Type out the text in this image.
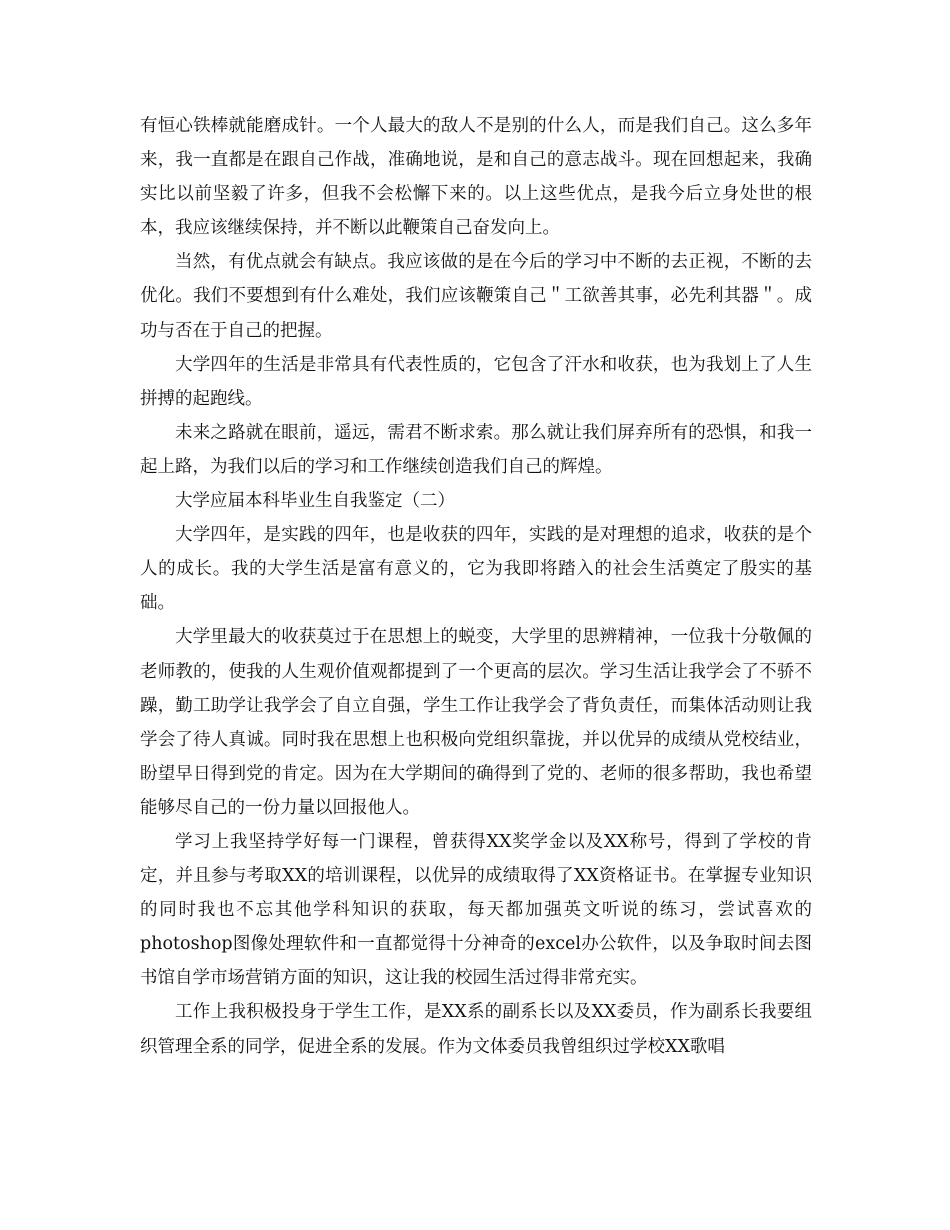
有恒心铁棒就能磨成针。一个人最大的敌人不是别的什么人，而是我们自己。这么多年来，我一直都是在跟自己作战，准确地说，是和自己的意志战斗。现在回想起来，我确实比以前坚毅了许多，但我不会松懈下来的。以上这些优点，是我今后立身处世的根本，我应该继续保持，并不断以此鞭策自己奋发向上。

当然，有优点就会有缺点。我应该做的是在今后的学习中不断的去正视，不断的去优化。我们不要想到有什么难处，我们应该鞭策自己＂工欲善其事，必先利其器＂。成功与否在于自己的把握。

大学四年的生活是非常具有代表性质的，它包含了汗水和收获，也为我划上了人生拼搏的起跑线。

未来之路就在眼前，遥远，需君不断求索。那么就让我们屏弃所有的恐惧，和我一起上路，为我们以后的学习和工作继续创造我们自己的辉煌。

大学应届本科毕业生自我鉴定（二）

大学四年，是实践的四年，也是收获的四年，实践的是对理想的追求，收获的是个人的成长。我的大学生活是富有意义的，它为我即将踏入的社会生活奠定了殷实的基础。

大学里最大的收获莫过于在思想上的蜕变，大学里的思辨精神，一位我十分敬佩的老师教的，使我的人生观价值观都提到了一个更高的层次。学习生活让我学会了不骄不躁，勤工助学让我学会了自立自强，学生工作让我学会了背负责任，而集体活动则让我学会了待人真诚。同时我在思想上也积极向党组织靠拢，并以优异的成绩从党校结业，盼望早日得到党的肯定。因为在大学期间的确得到了党的、老师的很多帮助，我也希望能够尽自己的一份力量以回报他人。

学习上我坚持学好每一门课程，曾获得XX奖学金以及XX称号，得到了学校的肯定，并且参与考取XX的培训课程，以优异的成绩取得了XX资格证书。在掌握专业知识的同时我也不忘其他学科知识的获取，每天都加强英文听说的练习，尝试喜欢的photoshop图像处理软件和一直都觉得十分神奇的excel办公软件，以及争取时间去图书馆自学市场营销方面的知识，这让我的校园生活过得非常充实。

工作上我积极投身于学生工作，是XX系的副系长以及XX委员，作为副系长我要组织管理全系的同学，促进全系的发展。作为文体委员我曾组织过学校XX歌唱
